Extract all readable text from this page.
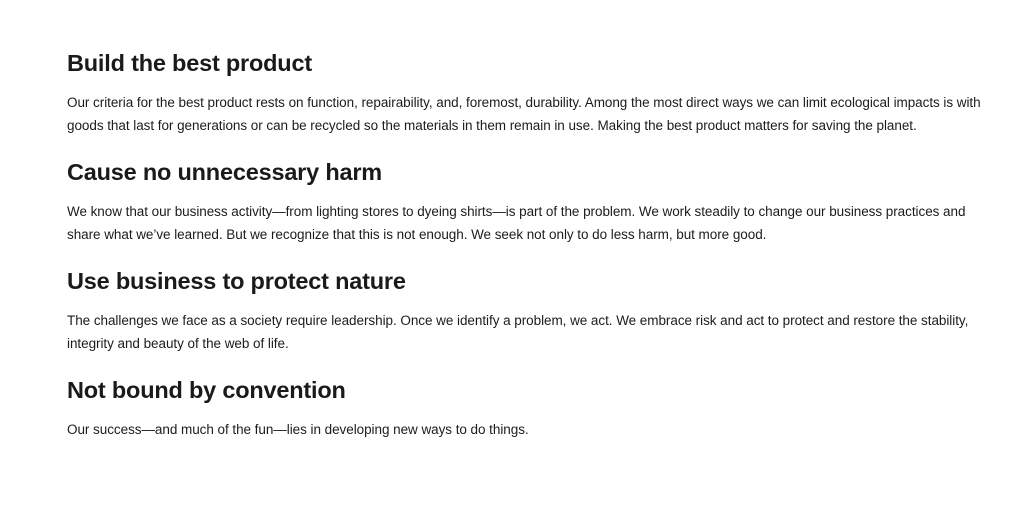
Build the best product

Our criteria for the best product rests on function, repairability, and, foremost, durability. Among the most direct ways we can limit ecological impacts is with goods that last for generations or can be recycled so the materials in them remain in use. Making the best product matters for saving the planet.

Cause no unnecessary harm

We know that our business activity—from lighting stores to dyeing shirts—is part of the problem. We work steadily to change our business practices and share what we’ve learned. But we recognize that this is not enough. We seek not only to do less harm, but more good.

Use business to protect nature

The challenges we face as a society require leadership. Once we identify a problem, we act. We embrace risk and act to protect and restore the stability, integrity and beauty of the web of life.

Not bound by convention

Our success—and much of the fun—lies in developing new ways to do things.
